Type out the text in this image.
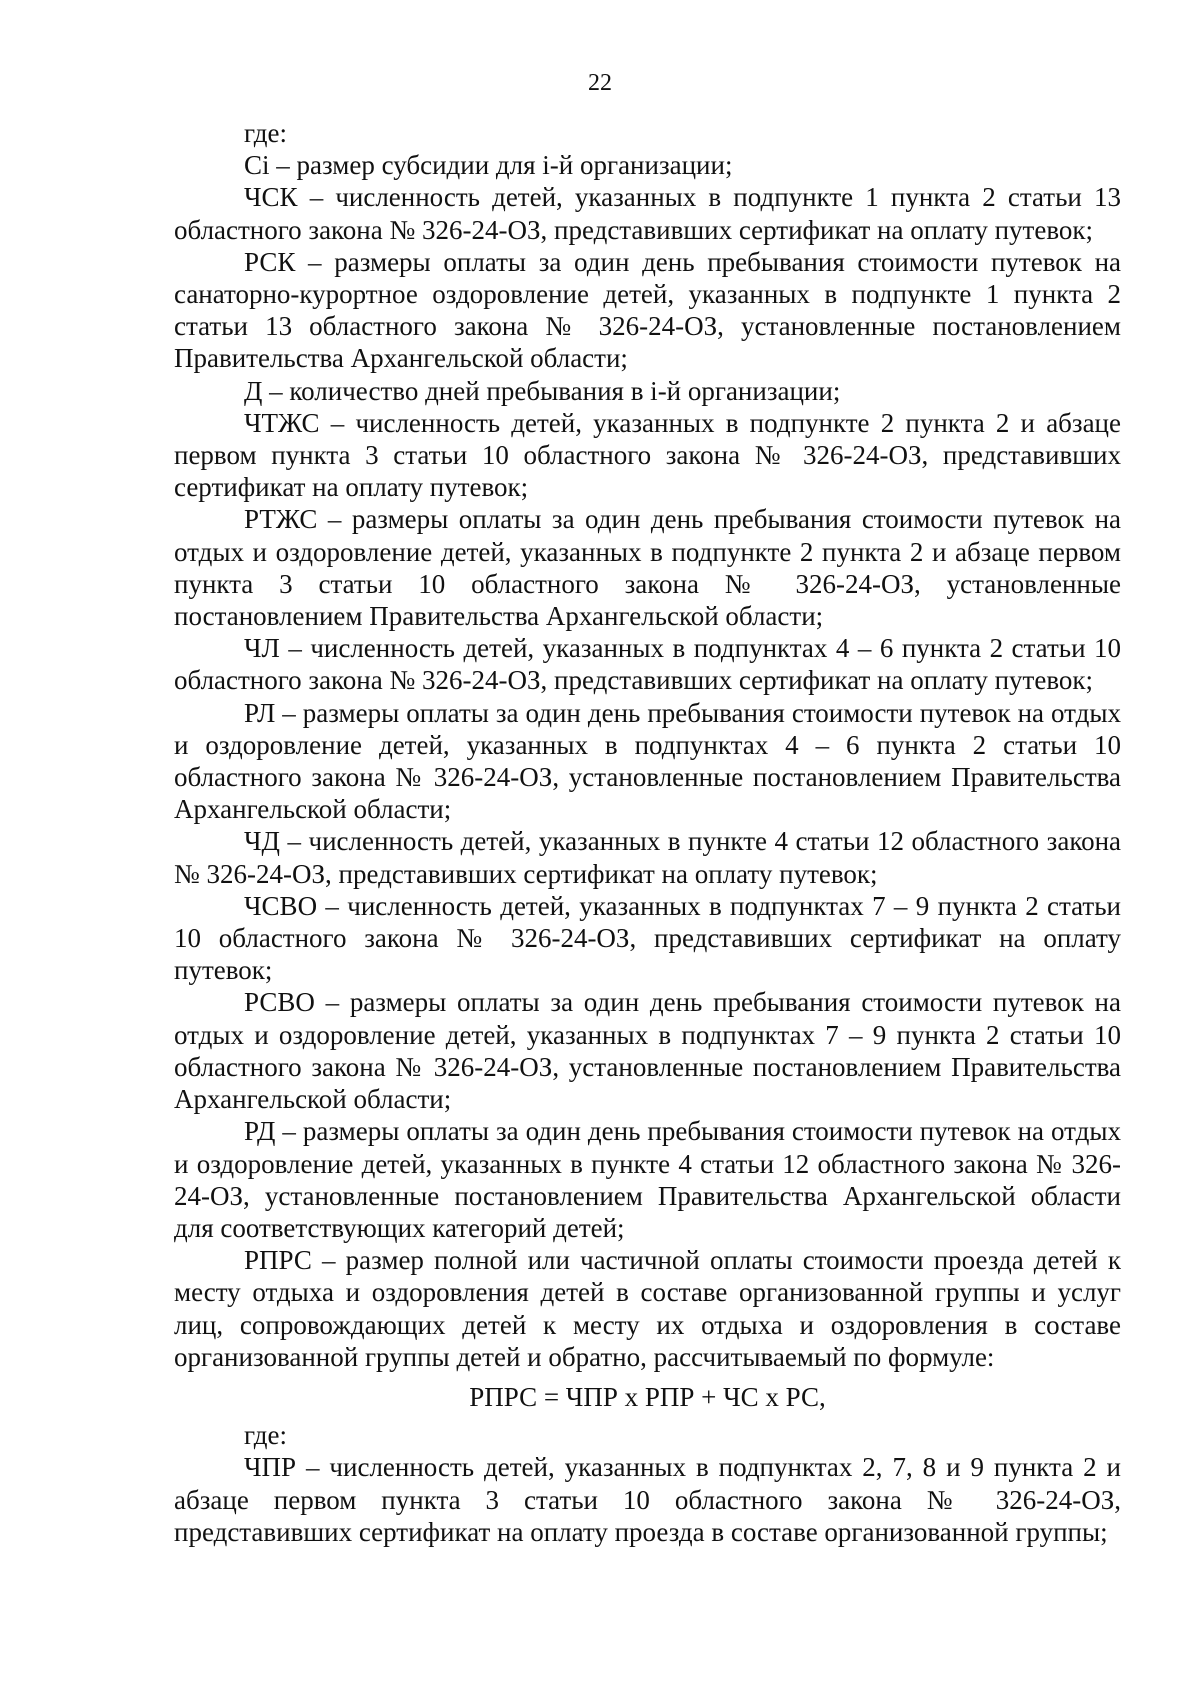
22

где:

Сi – размер субсидии для i-й организации;

ЧСК – численность детей, указанных в подпункте 1 пункта 2 статьи 13 областного закона № 326-24-ОЗ, представивших сертификат на оплату путевок;

РСК – размеры оплаты за один день пребывания стоимости путевок на санаторно-курортное оздоровление детей, указанных в подпункте 1 пункта 2 статьи 13 областного закона № 326-24-ОЗ, установленные постановлением Правительства Архангельской области;

Д – количество дней пребывания в i-й организации;

ЧТЖС – численность детей, указанных в подпункте 2 пункта 2 и абзаце первом пункта 3 статьи 10 областного закона № 326-24-ОЗ, представивших сертификат на оплату путевок;

РТЖС – размеры оплаты за один день пребывания стоимости путевок на отдых и оздоровление детей, указанных в подпункте 2 пункта 2 и абзаце первом пункта 3 статьи 10 областного закона № 326-24-ОЗ, установленные постановлением Правительства Архангельской области;

ЧЛ – численность детей, указанных в подпунктах 4 – 6 пункта 2 статьи 10 областного закона № 326-24-ОЗ, представивших сертификат на оплату путевок;

РЛ – размеры оплаты за один день пребывания стоимости путевок на отдых и оздоровление детей, указанных в подпунктах 4 – 6 пункта 2 статьи 10 областного закона № 326-24-ОЗ, установленные постановлением Правительства Архангельской области;

ЧД – численность детей, указанных в пункте 4 статьи 12 областного закона № 326-24-ОЗ, представивших сертификат на оплату путевок;

ЧСВО – численность детей, указанных в подпунктах 7 – 9 пункта 2 статьи 10 областного закона № 326-24-ОЗ, представивших сертификат на оплату путевок;

РСВО – размеры оплаты за один день пребывания стоимости путевок на отдых и оздоровление детей, указанных в подпунктах 7 – 9 пункта 2 статьи 10 областного закона № 326-24-ОЗ, установленные постановлением Правительства Архангельской области;

РД – размеры оплаты за один день пребывания стоимости путевок на отдых и оздоровление детей, указанных в пункте 4 статьи 12 областного закона № 326-24-ОЗ, установленные постановлением Правительства Архангельской области для соответствующих категорий детей;

РПРС – размер полной или частичной оплаты стоимости проезда детей к месту отдыха и оздоровления детей в составе организованной группы и услуг лиц, сопровождающих детей к месту их отдыха и оздоровления в составе организованной группы детей и обратно, рассчитываемый по формуле:

РПРС = ЧПР х РПР + ЧС х РС,

где:

ЧПР – численность детей, указанных в подпунктах 2, 7, 8 и 9 пункта 2 и абзаце первом пункта 3 статьи 10 областного закона № 326-24-ОЗ, представивших сертификат на оплату проезда в составе организованной группы;
